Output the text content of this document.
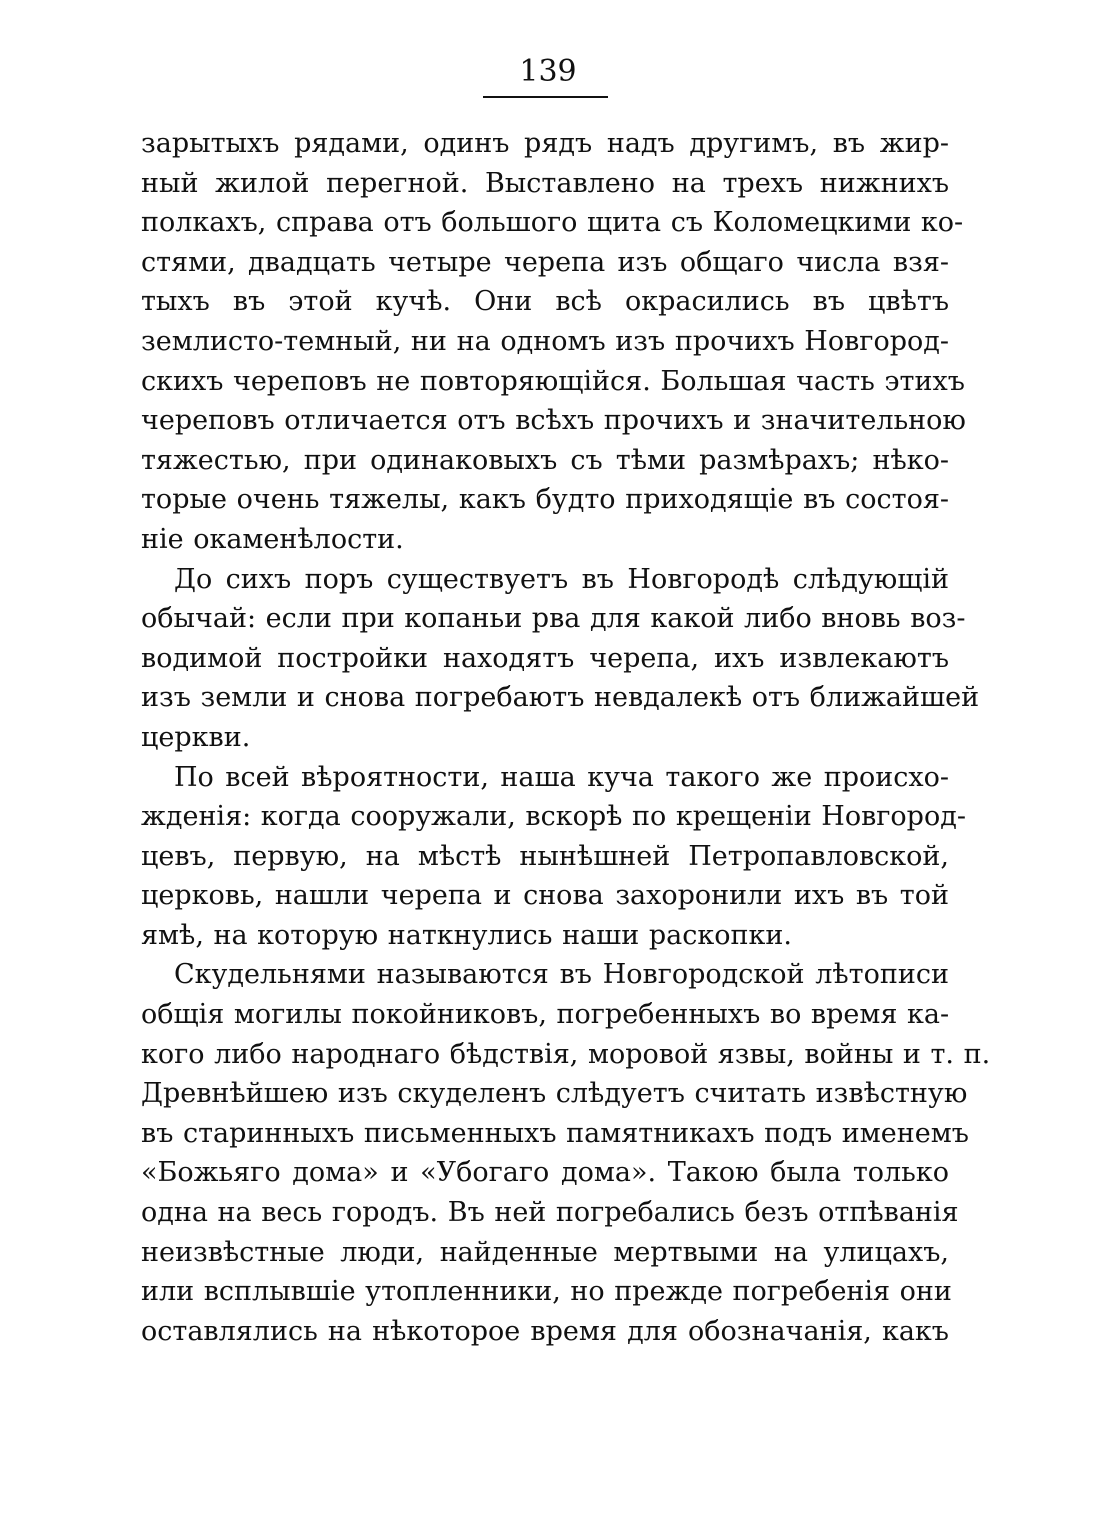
139
зарытыхъ рядами, одинъ рядъ надъ другимъ, въ жир-
ный жилой перегной. Выставлено на трехъ нижнихъ
полкахъ, справа отъ большого щита съ Коломецкими ко-
стями, двадцать четыре черепа изъ общаго числа взя-
тыхъ въ этой кучѣ. Они всѣ окрасились въ цвѣтъ
землисто-темный, ни на одномъ изъ прочихъ Новгород-
скихъ череповъ не повторяющійся. Большая часть этихъ
череповъ отличается отъ всѣхъ прочихъ и значительною
тяжестью, при одинаковыхъ съ тѣми размѣрахъ; нѣко-
торые очень тяжелы, какъ будто приходящіе въ состоя-
ніе окаменѣлости.
До сихъ поръ существуетъ въ Новгородѣ слѣдующій
обычай: если при копаньи рва для какой либо вновь воз-
водимой постройки находятъ черепа, ихъ извлекаютъ
изъ земли и снова погребаютъ невдалекѣ отъ ближайшей
церкви.
По всей вѣроятности, наша куча такого же происхо-
жденія: когда сооружали, вскорѣ по крещеніи Новгород-
цевъ, первую, на мѣстѣ нынѣшней Петропавловской,
церковь, нашли черепа и снова захоронили ихъ въ той
ямѣ, на которую наткнулись наши раскопки.
Скудельнями называются въ Новгородской лѣтописи
общія могилы покойниковъ, погребенныхъ во время ка-
кого либо народнаго бѣдствія, моровой язвы, войны и т. п.
Древнѣйшею изъ скуделенъ слѣдуетъ считать извѣстную
въ старинныхъ письменныхъ памятникахъ подъ именемъ
«Божьяго дома» и «Убогаго дома». Такою была только
одна на весь городъ. Въ ней погребались безъ отпѣванія
неизвѣстные люди, найденные мертвыми на улицахъ,
или всплывшіе утопленники, но прежде погребенія они
оставлялись на нѣкоторое время для обозначанія, какъ
